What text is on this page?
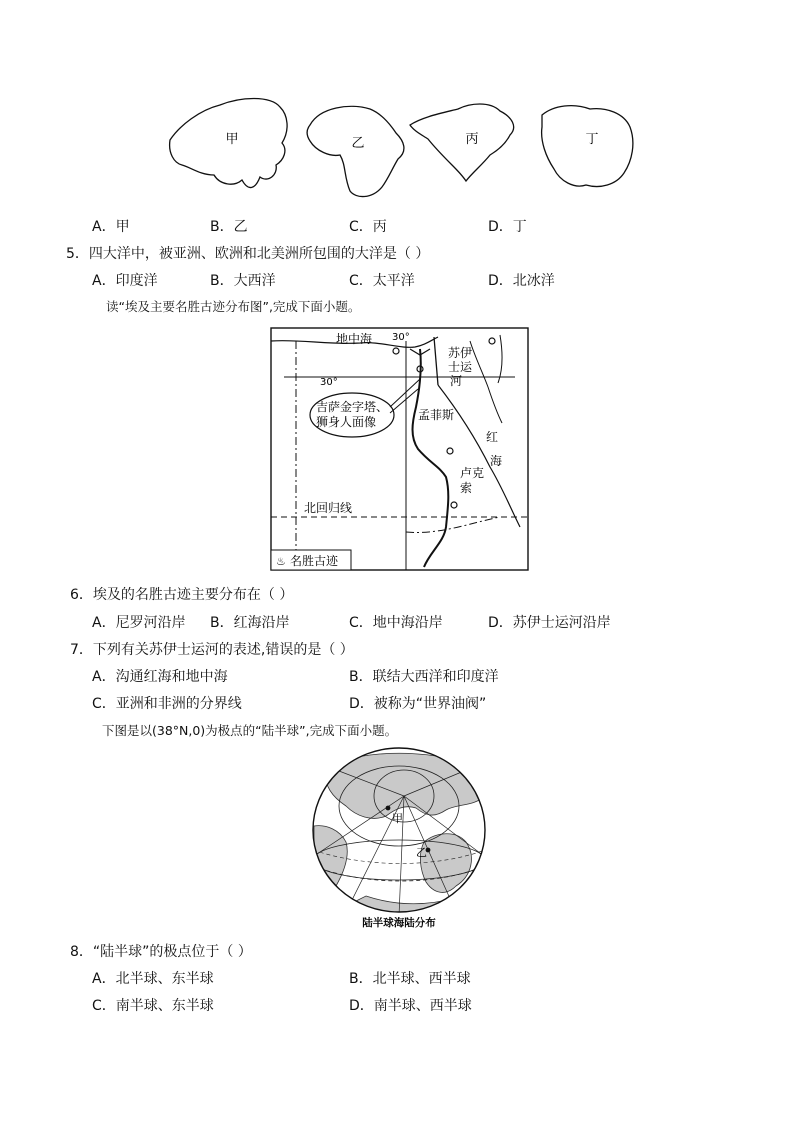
甲	乙	丙	丁
A．甲	B．乙	C．丙	D．丁
5．四大洋中，被亚洲、欧洲和北美洲所包围的大洋是（ ）
A．印度洋	B．大西洋	C．太平洋	D．北冰洋
读“埃及主要名胜古迹分布图”,完成下面小题。
地中海 30°
30°
苏伊
士运
河
吉萨金字塔、
狮身人面像	孟菲斯
红
海
卢克
索
北回归线
♨ 名胜古迹
6．埃及的名胜古迹主要分布在（ ）
A．尼罗河沿岸 B．红海沿岸	C．地中海沿岸	D．苏伊士运河沿岸
7．下列有关苏伊士运河的表述,错误的是（ ）
A．沟通红海和地中海	B．联结大西洋和印度洋
C．亚洲和非洲的分界线	D．被称为“世界油阀”
下图是以(38°N,0)为极点的“陆半球”,完成下面小题。
甲
乙
陆半球海陆分布
8．“陆半球”的极点位于（ ）
A．北半球、东半球	B．北半球、西半球
C．南半球、东半球	D．南半球、西半球
